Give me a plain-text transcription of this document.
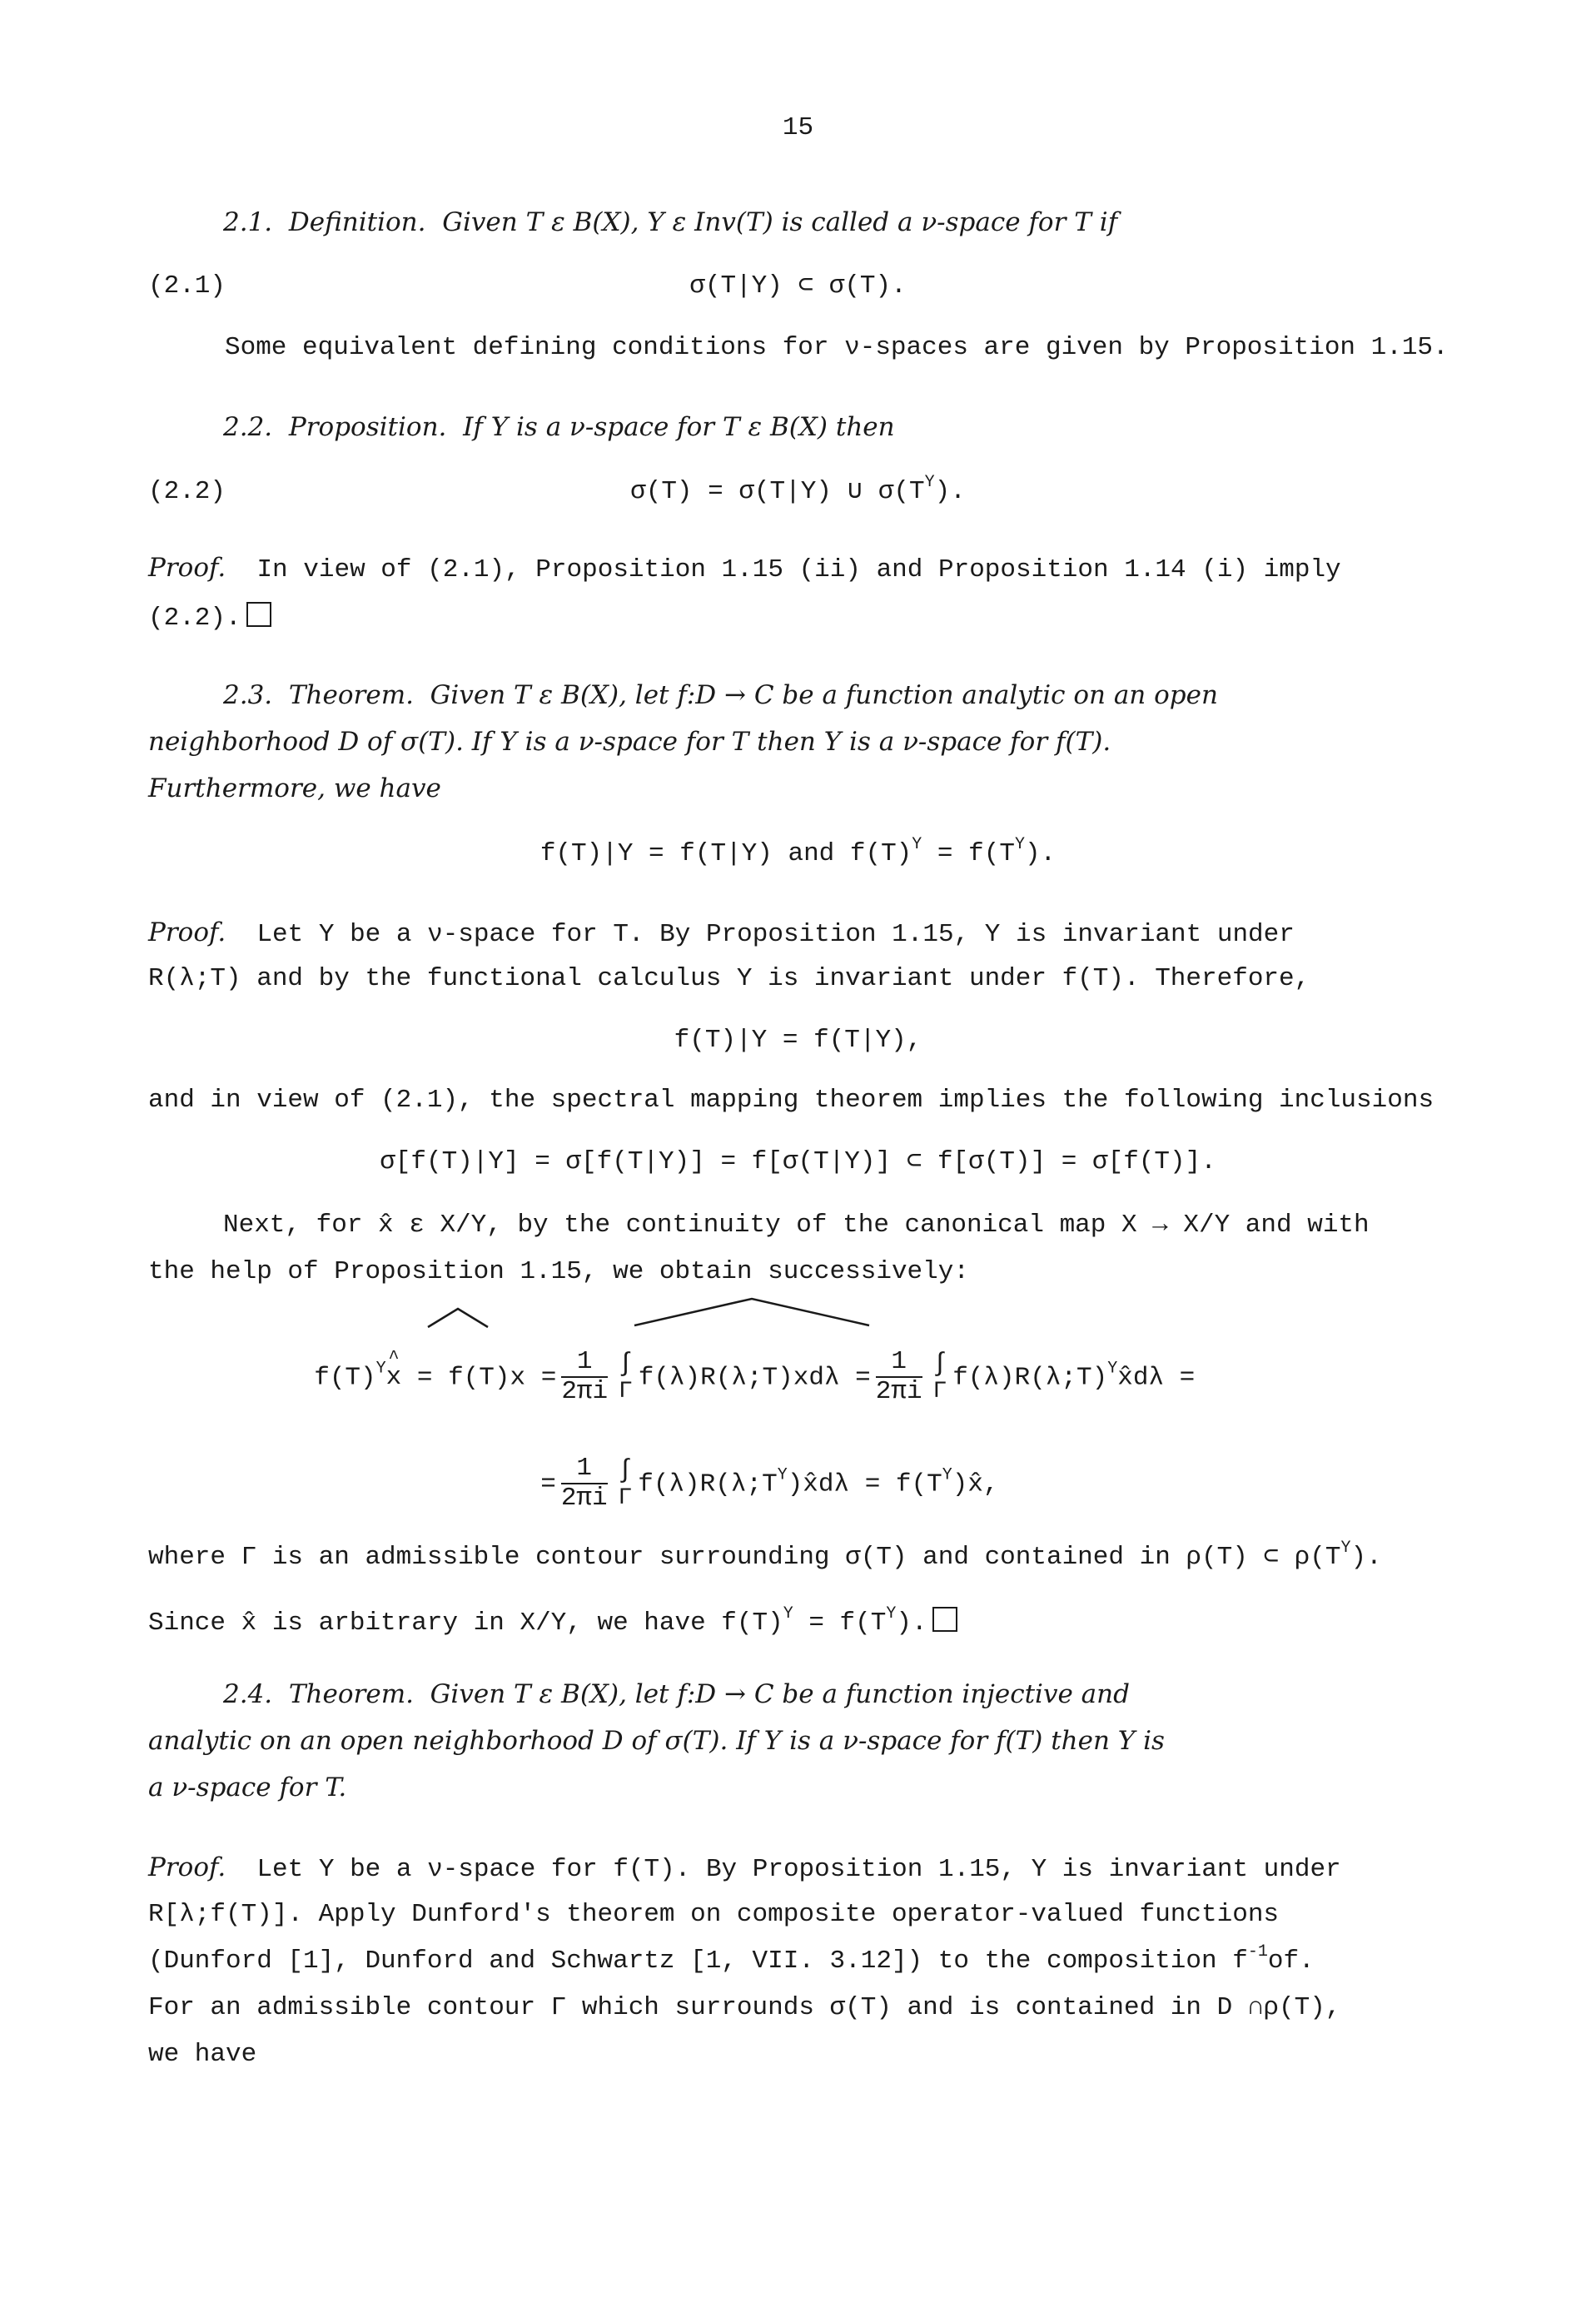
15
2.1. Definition. Given T ε B(X), Y ε Inv(T) is called a ν-space for T if
(2.1)	σ(T|Y) ⊂ σ(T).
Some equivalent defining conditions for ν-spaces are given by Proposition 1.15.
2.2. Proposition. If Y is a ν-space for T ε B(X) then
(2.2)	σ(T) = σ(T|Y) ∪ $\sigma(T^Y)$.
Proof. In view of (2.1), Proposition 1.15 (ii) and Proposition 1.14 (i) imply
(2.2).
2.3. Theorem. Given T ε B(X), let f:D → C be a function analytic on an open
neighborhood D of σ(T). If Y is a ν-space for T then Y is a ν-space for f(T).
Furthermore, we have
f(T)|Y = f(T|Y) and $f(T)^Y = f(T^Y)$.
Proof. Let Y be a ν-space for T. By Proposition 1.15, Y is invariant under
R(λ;T) and by the functional calculus Y is invariant under f(T). Therefore,
f(T)|Y = f(T|Y),
and in view of (2.1), the spectral mapping theorem implies the following inclusions
σ[f(T)|Y] = σ[f(T|Y)] = f[σ(T|Y)] ⊂ f[σ(T)] = σ[f(T)].
Next, for x̂ ε X/Y, by the continuity of the canonical map X → X/Y and with
the help of Proposition 1.15, we obtain successively:

$f(T)^Y\^{}$ $x = f(T)x = \frac{1}{2\pi i}$ ∫
Γ f(λ)R(λ;T)xdλ = $\frac{1}{2\pi i}$ ∫
Γ f(λ)R(λ;T)$^Y$x̂dλ =

= $\frac{1}{2\pi i}$ ∫
Γ $f(\lambda)R(\lambda;T^Y)x̂d\lambda$ = $f(T^Y)x̂$,

where Γ is an admissible contour surrounding σ(T) and contained in ρ(T) ⊂ $\rho(T^Y)$.
Since x̂ is arbitrary in X/Y, we have $f(T)^Y = f(T^Y)$.
2.4. Theorem. Given T ε B(X), let f:D → C be a function injective and
analytic on an open neighborhood D of σ(T). If Y is a ν-space for f(T) then Y is
a ν-space for T.
Proof. Let Y be a ν-space for f(T). By Proposition 1.15, Y is invariant under
R[λ;f(T)]. Apply Dunford's theorem on composite operator-valued functions
(Dunford [1], Dunford and Schwartz [1, VII. 3.12]) to the composition $f^{-1}of$.
For an admissible contour Γ which surrounds σ(T) and is contained in D ∩ρ(T),
we have
